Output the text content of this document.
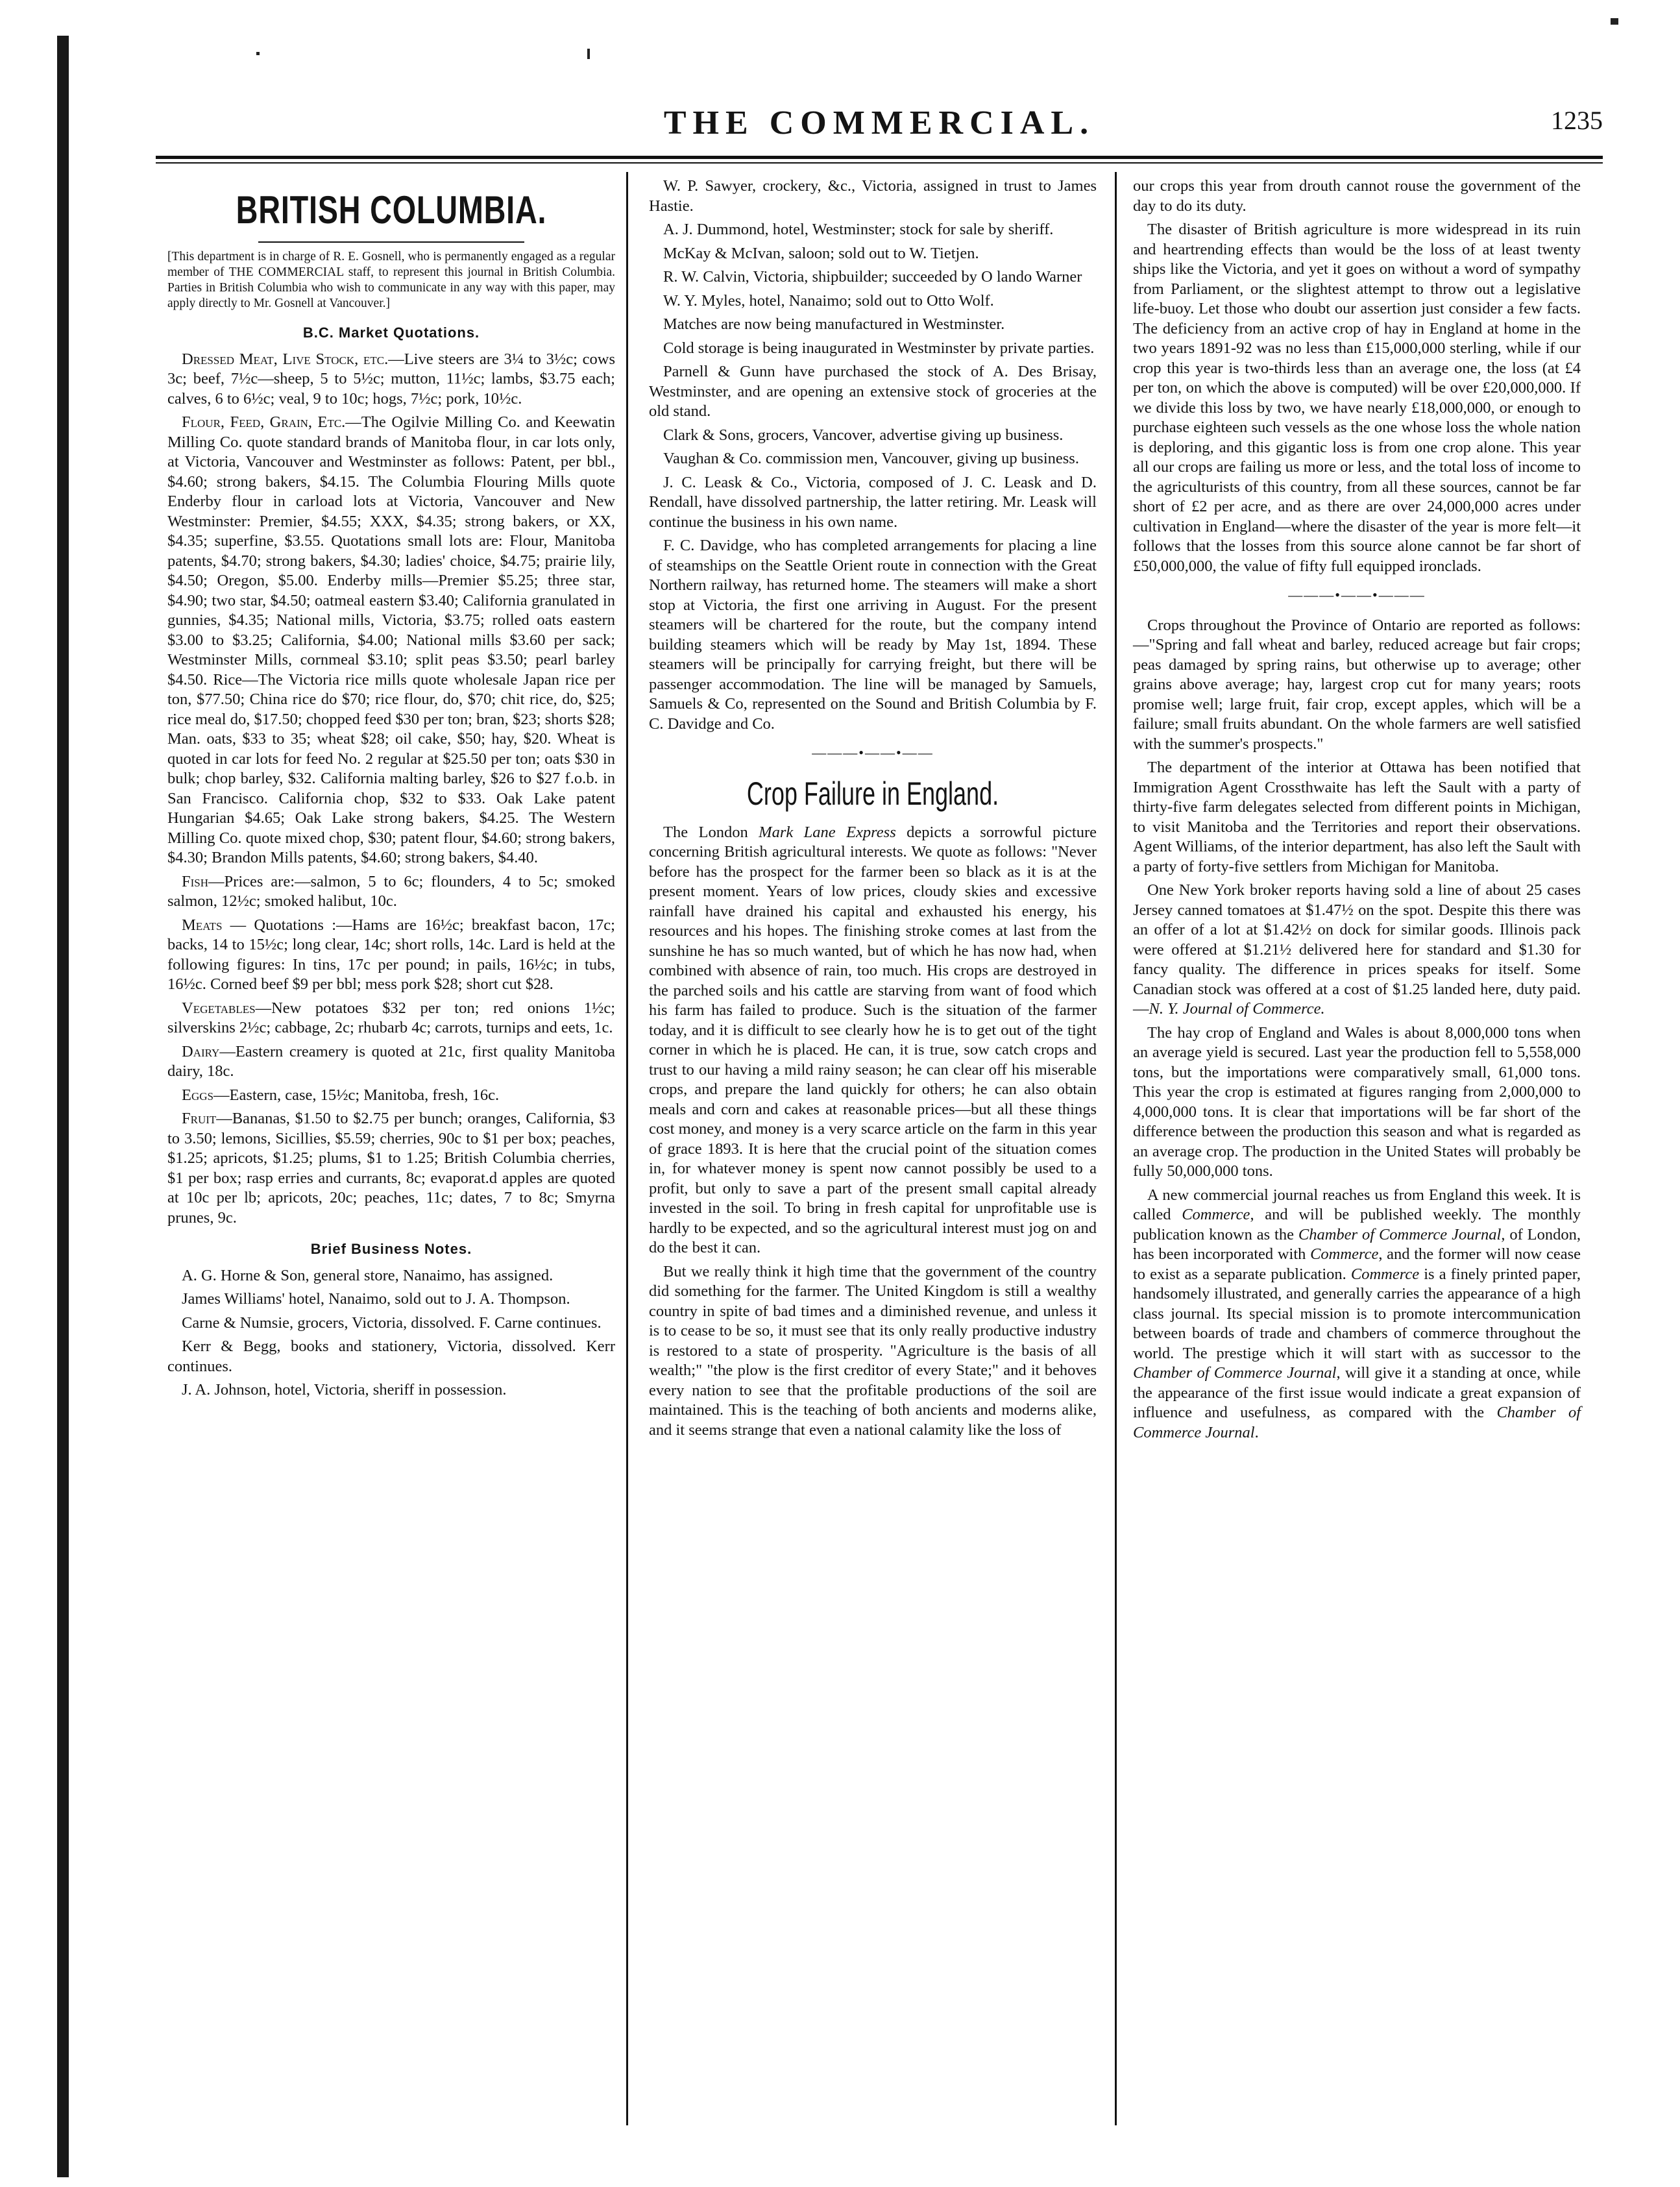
THE COMMERCIAL.	1235
BRITISH COLUMBIA.
[This department is in charge of R. E. Gosnell, who is permanently engaged as a regular member of THE COMMERCIAL staff, to represent this journal in British Columbia. Parties in British Columbia who wish to communicate in any way with this paper, may apply directly to Mr. Gosnell at Vancouver.]
B.C. Market Quotations.

Dressed Meat, Live Stock, etc.—Live steers are 3¼ to 3½c; cows 3c; beef, 7½c—sheep, 5 to 5½c; mutton, 11½c; lambs, $3.75 each; calves, 6 to 6½c; veal, 9 to 10c; hogs, 7½c; pork, 10½c.

Flour, Feed, Grain, Etc.—The Ogilvie Milling Co. and Keewatin Milling Co. quote standard brands of Manitoba flour, in car lots only, at Victoria, Vancouver and Westminster as follows: Patent, per bbl., $4.60; strong bakers, $4.15. The Columbia Flouring Mills quote Enderby flour in carload lots at Victoria, Vancouver and New Westminster: Premier, $4.55; XXX, $4.35; strong bakers, or XX, $4.35; superfine, $3.55. Quotations small lots are: Flour, Manitoba patents, $4.70; strong bakers, $4.30; ladies' choice, $4.75; prairie lily, $4.50; Oregon, $5.00. Enderby mills—Premier $5.25; three star, $4.90; two star, $4.50; oatmeal eastern $3.40; California granulated in gunnies, $4.35; National mills, Victoria, $3.75; rolled oats eastern $3.00 to $3.25; California, $4.00; National mills $3.60 per sack; Westminster Mills, cornmeal $3.10; split peas $3.50; pearl barley $4.50. Rice—The Victoria rice mills quote wholesale Japan rice per ton, $77.50; China rice do $70; rice flour, do, $70; chit rice, do, $25; rice meal do, $17.50; chopped feed $30 per ton; bran, $23; shorts $28; Man. oats, $33 to 35; wheat $28; oil cake, $50; hay, $20. Wheat is quoted in car lots for feed No. 2 regular at $25.50 per ton; oats $30 in bulk; chop barley, $32. California malting barley, $26 to $27 f.o.b. in San Francisco. California chop, $32 to $33. Oak Lake patent Hungarian $4.65; Oak Lake strong bakers, $4.25. The Western Milling Co. quote mixed chop, $30; patent flour, $4.60; strong bakers, $4.30; Brandon Mills patents, $4.60; strong bakers, $4.40.

Fish—Prices are:—salmon, 5 to 6c; flounders, 4 to 5c; smoked salmon, 12½c; smoked halibut, 10c.

Meats — Quotations :—Hams are 16½c; breakfast bacon, 17c; backs, 14 to 15½c; long clear, 14c; short rolls, 14c. Lard is held at the following figures: In tins, 17c per pound; in pails, 16½c; in tubs, 16½c. Corned beef $9 per bbl; mess pork $28; short cut $28.

Vegetables—New potatoes $32 per ton; red onions 1½c; silverskins 2½c; cabbage, 2c; rhubarb 4c; carrots, turnips and eets, 1c.

Dairy—Eastern creamery is quoted at 21c, first quality Manitoba dairy, 18c.

Eggs—Eastern, case, 15½c; Manitoba, fresh, 16c.

Fruit—Bananas, $1.50 to $2.75 per bunch; oranges, California, $3 to 3.50; lemons, Sicillies, $5.59; cherries, 90c to $1 per box; peaches, $1.25; apricots, $1.25; plums, $1 to 1.25; British Columbia cherries, $1 per box; rasp erries and currants, 8c; evaporat.d apples are quoted at 10c per lb; apricots, 20c; peaches, 11c; dates, 7 to 8c; Smyrna prunes, 9c.

Brief Business Notes.

A. G. Horne & Son, general store, Nanaimo, has assigned.

James Williams' hotel, Nanaimo, sold out to J. A. Thompson.

Carne & Numsie, grocers, Victoria, dissolved. F. Carne continues.

Kerr & Begg, books and stationery, Victoria, dissolved. Kerr continues.

J. A. Johnson, hotel, Victoria, sheriff in possession.

W. P. Sawyer, crockery, &c., Victoria, assigned in trust to James Hastie.

A. J. Dummond, hotel, Westminster; stock for sale by sheriff.

McKay & McIvan, saloon; sold out to W. Tietjen.

R. W. Calvin, Victoria, shipbuilder; succeeded by O lando Warner

W. Y. Myles, hotel, Nanaimo; sold out to Otto Wolf.

Matches are now being manufactured in Westminster.

Cold storage is being inaugurated in Westminster by private parties.

Parnell & Gunn have purchased the stock of A. Des Brisay, Westminster, and are opening an extensive stock of groceries at the old stand.

Clark & Sons, grocers, Vancover, advertise giving up business.

Vaughan & Co. commission men, Vancouver, giving up business.

J. C. Leask & Co., Victoria, composed of J. C. Leask and D. Rendall, have dissolved partnership, the latter retiring. Mr. Leask will continue the business in his own name.

F. C. Davidge, who has completed arrangements for placing a line of steamships on the Seattle Orient route in connection with the Great Northern railway, has returned home. The steamers will make a short stop at Victoria, the first one arriving in August. For the present steamers will be chartered for the route, but the company intend building steamers which will be ready by May 1st, 1894. These steamers will be principally for carrying freight, but there will be passenger accommodation. The line will be managed by Samuels, Samuels & Co, represented on the Sound and British Columbia by F. C. Davidge and Co.

———•——•——
Crop Failure in England.

The London Mark Lane Express depicts a sorrowful picture concerning British agricultural interests. We quote as follows: "Never before has the prospect for the farmer been so black as it is at the present moment. Years of low prices, cloudy skies and excessive rainfall have drained his capital and exhausted his energy, his resources and his hopes. The finishing stroke comes at last from the sunshine he has so much wanted, but of which he has now had, when combined with absence of rain, too much. His crops are destroyed in the parched soils and his cattle are starving from want of food which his farm has failed to produce. Such is the situation of the farmer today, and it is difficult to see clearly how he is to get out of the tight corner in which he is placed. He can, it is true, sow catch crops and trust to our having a mild rainy season; he can clear off his miserable crops, and prepare the land quickly for others; he can also obtain meals and corn and cakes at reasonable prices—but all these things cost money, and money is a very scarce article on the farm in this year of grace 1893. It is here that the crucial point of the situation comes in, for whatever money is spent now cannot possibly be used to a profit, but only to save a part of the present small capital already invested in the soil. To bring in fresh capital for unprofitable use is hardly to be expected, and so the agricultural interest must jog on and do the best it can.

But we really think it high time that the government of the country did something for the farmer. The United Kingdom is still a wealthy country in spite of bad times and a diminished revenue, and unless it is to cease to be so, it must see that its only really productive industry is restored to a state of prosperity. "Agriculture is the basis of all wealth;" "the plow is the first creditor of every State;" and it behoves every nation to see that the profitable productions of the soil are maintained. This is the teaching of both ancients and moderns alike, and it seems strange that even a national calamity like the loss of

our crops this year from drouth cannot rouse the government of the day to do its duty.

The disaster of British agriculture is more widespread in its ruin and heartrending effects than would be the loss of at least twenty ships like the Victoria, and yet it goes on without a word of sympathy from Parliament, or the slightest attempt to throw out a legislative life-buoy. Let those who doubt our assertion just consider a few facts. The deficiency from an active crop of hay in England at home in the two years 1891-92 was no less than £15,000,000 sterling, while if our crop this year is two-thirds less than an average one, the loss (at £4 per ton, on which the above is computed) will be over £20,000,000. If we divide this loss by two, we have nearly £18,000,000, or enough to purchase eighteen such vessels as the one whose loss the whole nation is deploring, and this gigantic loss is from one crop alone. This year all our crops are failing us more or less, and the total loss of income to the agriculturists of this country, from all these sources, cannot be far short of £2 per acre, and as there are over 24,000,000 acres under cultivation in England—where the disaster of the year is more felt—it follows that the losses from this source alone cannot be far short of £50,000,000, the value of fifty full equipped ironclads.

———•——•———

Crops throughout the Province of Ontario are reported as follows:—"Spring and fall wheat and barley, reduced acreage but fair crops; peas damaged by spring rains, but otherwise up to average; other grains above average; hay, largest crop cut for many years; roots promise well; large fruit, fair crop, except apples, which will be a failure; small fruits abundant. On the whole farmers are well satisfied with the summer's prospects."

The department of the interior at Ottawa has been notified that Immigration Agent Crossthwaite has left the Sault with a party of thirty-five farm delegates selected from different points in Michigan, to visit Manitoba and the Territories and report their observations. Agent Williams, of the interior department, has also left the Sault with a party of forty-five settlers from Michigan for Manitoba.

One New York broker reports having sold a line of about 25 cases Jersey canned tomatoes at $1.47½ on the spot. Despite this there was an offer of a lot at $1.42½ on dock for similar goods. Illinois pack were offered at $1.21½ delivered here for standard and $1.30 for fancy quality. The difference in prices speaks for itself. Some Canadian stock was offered at a cost of $1.25 landed here, duty paid.—N. Y. Journal of Commerce.

The hay crop of England and Wales is about 8,000,000 tons when an average yield is secured. Last year the production fell to 5,558,000 tons, but the importations were comparatively small, 61,000 tons. This year the crop is estimated at figures ranging from 2,000,000 to 4,000,000 tons. It is clear that importations will be far short of the difference between the production this season and what is regarded as an average crop. The production in the United States will probably be fully 50,000,000 tons.

A new commercial journal reaches us from England this week. It is called Commerce, and will be published weekly. The monthly publication known as the Chamber of Commerce Journal, of London, has been incorporated with Commerce, and the former will now cease to exist as a separate publication. Commerce is a finely printed paper, handsomely illustrated, and generally carries the appearance of a high class journal. Its special mission is to promote intercommunication between boards of trade and chambers of commerce throughout the world. The prestige which it will start with as successor to the Chamber of Commerce Journal, will give it a standing at once, while the appearance of the first issue would indicate a great expansion of influence and usefulness, as compared with the Chamber of Commerce Journal.
